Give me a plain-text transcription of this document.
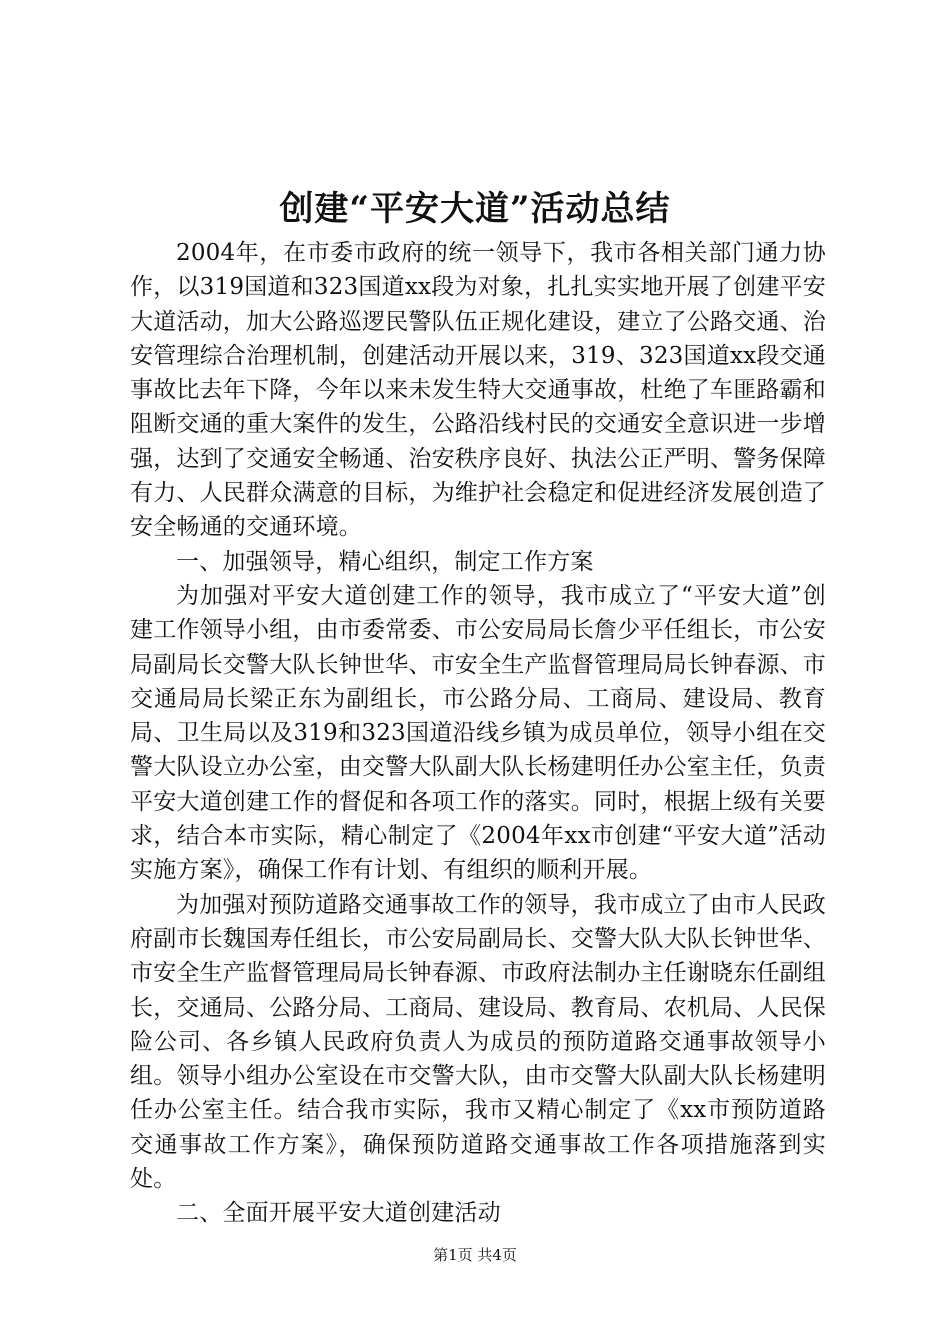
创建“平安大道”活动总结

2004年，在市委市政府的统一领导下，我市各相关部门通力协作，以319国道和323国道xx段为对象，扎扎实实地开展了创建平安大道活动，加大公路巡逻民警队伍正规化建设，建立了公路交通、治安管理综合治理机制，创建活动开展以来，319、323国道xx段交通事故比去年下降，今年以来未发生特大交通事故，杜绝了车匪路霸和阻断交通的重大案件的发生，公路沿线村民的交通安全意识进一步增强，达到了交通安全畅通、治安秩序良好、执法公正严明、警务保障有力、人民群众满意的目标，为维护社会稳定和促进经济发展创造了安全畅通的交通环境。

一、加强领导，精心组织，制定工作方案

为加强对平安大道创建工作的领导，我市成立了“平安大道”创建工作领导小组，由市委常委、市公安局局长詹少平任组长，市公安局副局长交警大队长钟世华、市安全生产监督管理局局长钟春源、市交通局局长梁正东为副组长，市公路分局、工商局、建设局、教育局、卫生局以及319和323国道沿线乡镇为成员单位，领导小组在交警大队设立办公室，由交警大队副大队长杨建明任办公室主任，负责平安大道创建工作的督促和各项工作的落实。同时，根据上级有关要求，结合本市实际，精心制定了《2004年xx市创建“平安大道”活动实施方案》，确保工作有计划、有组织的顺利开展。

为加强对预防道路交通事故工作的领导，我市成立了由市人民政府副市长魏国寿任组长，市公安局副局长、交警大队大队长钟世华、市安全生产监督管理局局长钟春源、市政府法制办主任谢晓东任副组长，交通局、公路分局、工商局、建设局、教育局、农机局、人民保险公司、各乡镇人民政府负责人为成员的预防道路交通事故领导小组。领导小组办公室设在市交警大队，由市交警大队副大队长杨建明任办公室主任。结合我市实际，我市又精心制定了《xx市预防道路交通事故工作方案》，确保预防道路交通事故工作各项措施落到实处。

二、全面开展平安大道创建活动

第1页 共4页
